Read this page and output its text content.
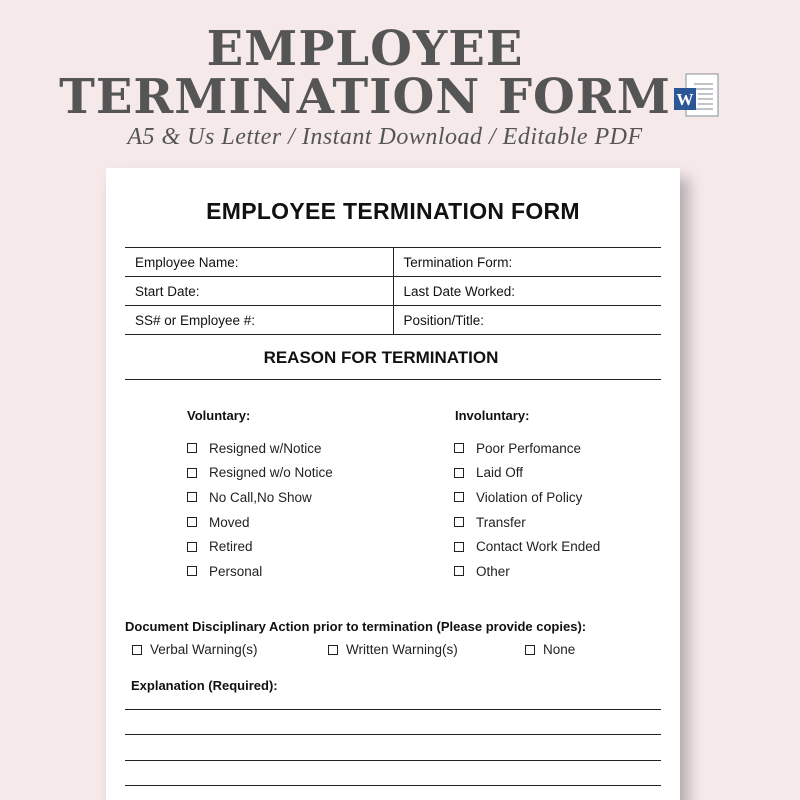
EMPLOYEE
TERMINATION FORM
A5 & Us Letter / Instant Download / Editable PDF
W
EMPLOYEE TERMINATION FORM
Employee Name:	Termination Form:
Start Date:	Last Date Worked:
SS# or Employee #:	Position/Title:
REASON FOR TERMINATION
Voluntary:
Resigned w/Notice
Resigned w/o Notice
No Call,No Show
Moved
Retired
Personal
Involuntary:
Poor Perfomance
Laid Off
Violation of Policy
Transfer
Contact Work Ended
Other
Document Disciplinary Action prior to termination (Please provide copies):
Verbal Warning(s)	Written Warning(s)	None
Explanation (Required):
